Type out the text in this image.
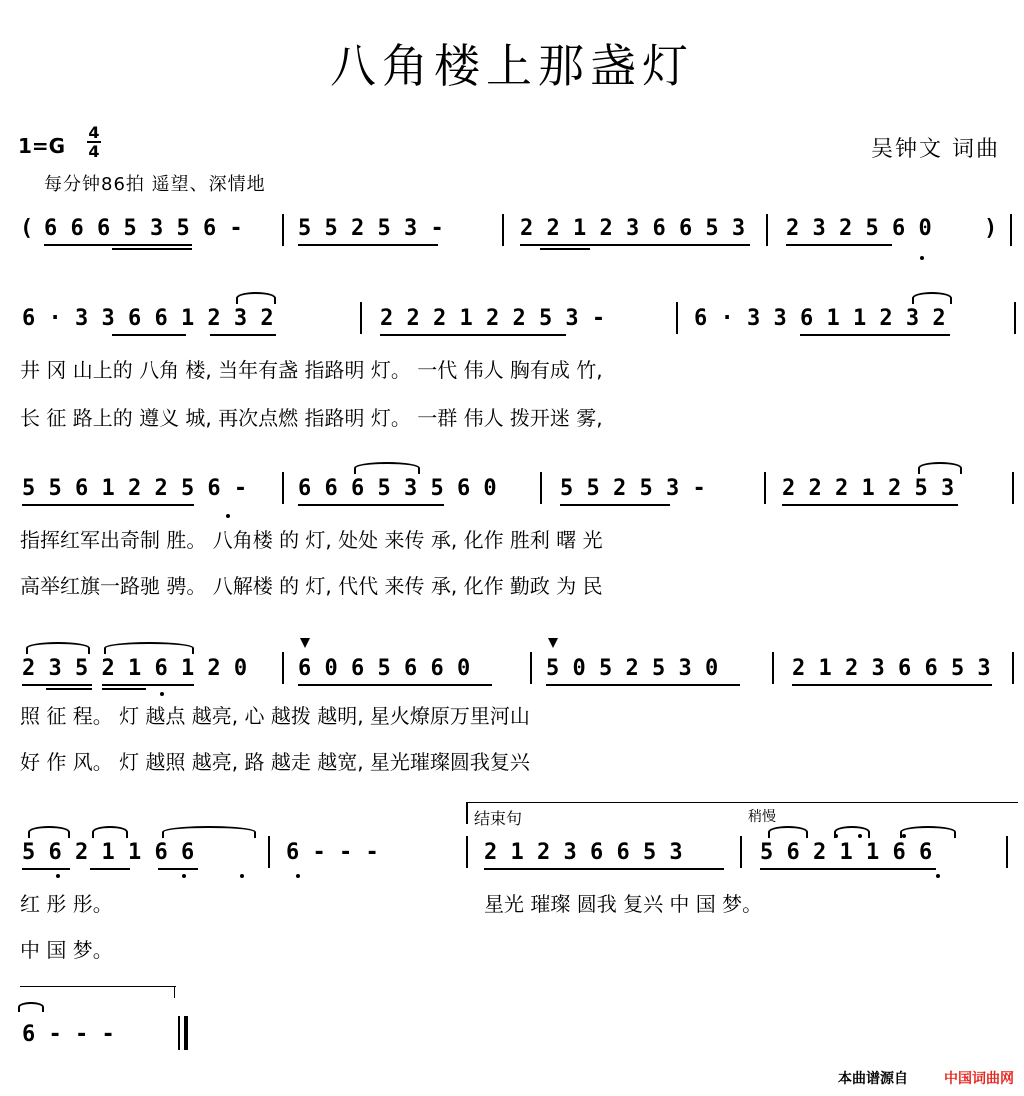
八角楼上那盏灯
1=G
4
4	吴钟文 词曲
每分钟86拍 遥望、深情地
( 6 6 6 5 3 5 6 -	5 5 2 5 3 -	2 2 1 2 3 6 6 5 3 2 3 2 5 6 0 )
6 · 3 3 6 6 1 2 3 2	2 2 2 1 2 2 5 3 -	6 · 3 3 6 1 1 2 3 2
井 冈 山上的 八角 楼, 当年有盏 指路明 灯。 一代 伟人 胸有成 竹,
长 征 路上的 遵义 城, 再次点燃 指路明 灯。 一群 伟人 拨开迷 雾,
5 5 6 1 2 2 5 6 - 6 6 6 5 3 5 6 0	5 5 2 5 3 -	2 2 2 1 2 5 3
指挥红军出奇制 胜。 八角楼 的 灯, 处处 来传 承, 化作 胜利 曙 光
高举红旗一路驰 骋。 八解楼 的 灯, 代代 来传 承, 化作 勤政 为 民
2 3 5 2 1 6 1 2 0 6 0 6 5 6 6 0	5 0 5 2 5 3 0	2 1 2 3 6 6 5 3
照 征 程。 灯 越点 越亮, 心 越拨 越明, 星火燎原万里河山
好 作 风。 灯 越照 越亮, 路 越走 越宽, 星光璀璨圆我复兴
结束句	稍慢
5 6 2 1 1 6 6	6 - - -	2 1 2 3 6 6 5 3	5 6 2 1 1 6 6
红 彤 彤。	星光 璀璨 圆我 复兴 中 国 梦。
中 国 梦。
6 - - -
本曲谱源自	中国词曲网
